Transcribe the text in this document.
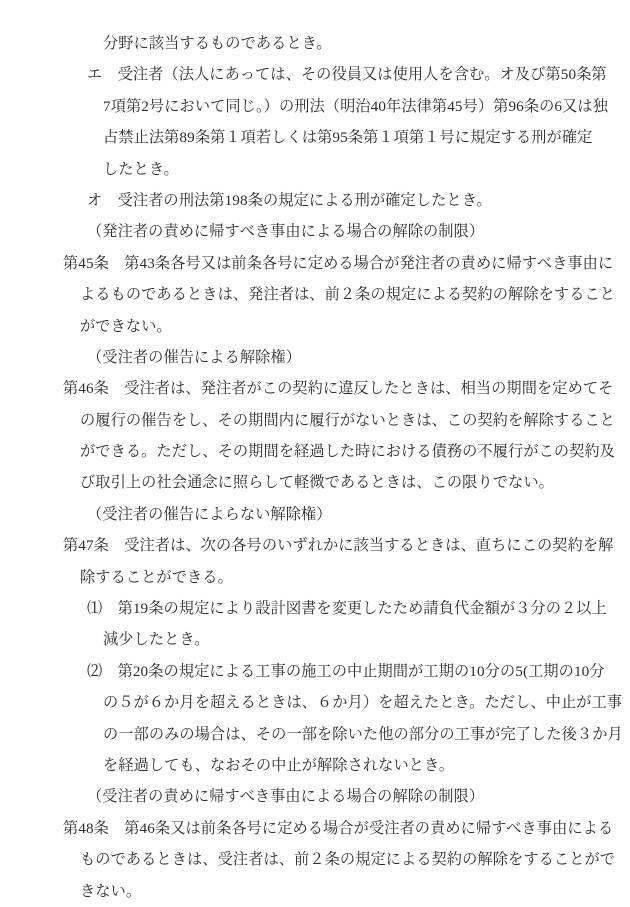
分野に該当するものであるとき。
エ　受注者（法人にあっては、その役員又は使用人を含む。オ及び第50条第
7項第2号において同じ。）の刑法（明治40年法律第45号）第96条の6又は独
占禁止法第89条第１項若しくは第95条第１項第１号に規定する刑が確定
したとき。
オ　受注者の刑法第198条の規定による刑が確定したとき。
（発注者の責めに帰すべき事由による場合の解除の制限）
第45条　第43条各号又は前条各号に定める場合が発注者の責めに帰すべき事由に
よるものであるときは、発注者は、前２条の規定による契約の解除をすること
ができない。
（受注者の催告による解除権）
第46条　受注者は、発注者がこの契約に違反したときは、相当の期間を定めてそ
の履行の催告をし、その期間内に履行がないときは、この契約を解除すること
ができる。ただし、その期間を経過した時における債務の不履行がこの契約及
び取引上の社会通念に照らして軽微であるときは、この限りでない。
（受注者の催告によらない解除権）
第47条　受注者は、次の各号のいずれかに該当するときは、直ちにこの契約を解
除することができる。
⑴　第19条の規定により設計図書を変更したため請負代金額が３分の２以上
減少したとき。
⑵　第20条の規定による工事の施工の中止期間が工期の10分の5(工期の10分
の５が６か月を超えるときは、６か月）を超えたとき。ただし、中止が工事
の一部のみの場合は、その一部を除いた他の部分の工事が完了した後３か月
を経過しても、なおその中止が解除されないとき。
（受注者の責めに帰すべき事由による場合の解除の制限）
第48条　第46条又は前条各号に定める場合が受注者の責めに帰すべき事由による
ものであるときは、受注者は、前２条の規定による契約の解除をすることがで
きない。
